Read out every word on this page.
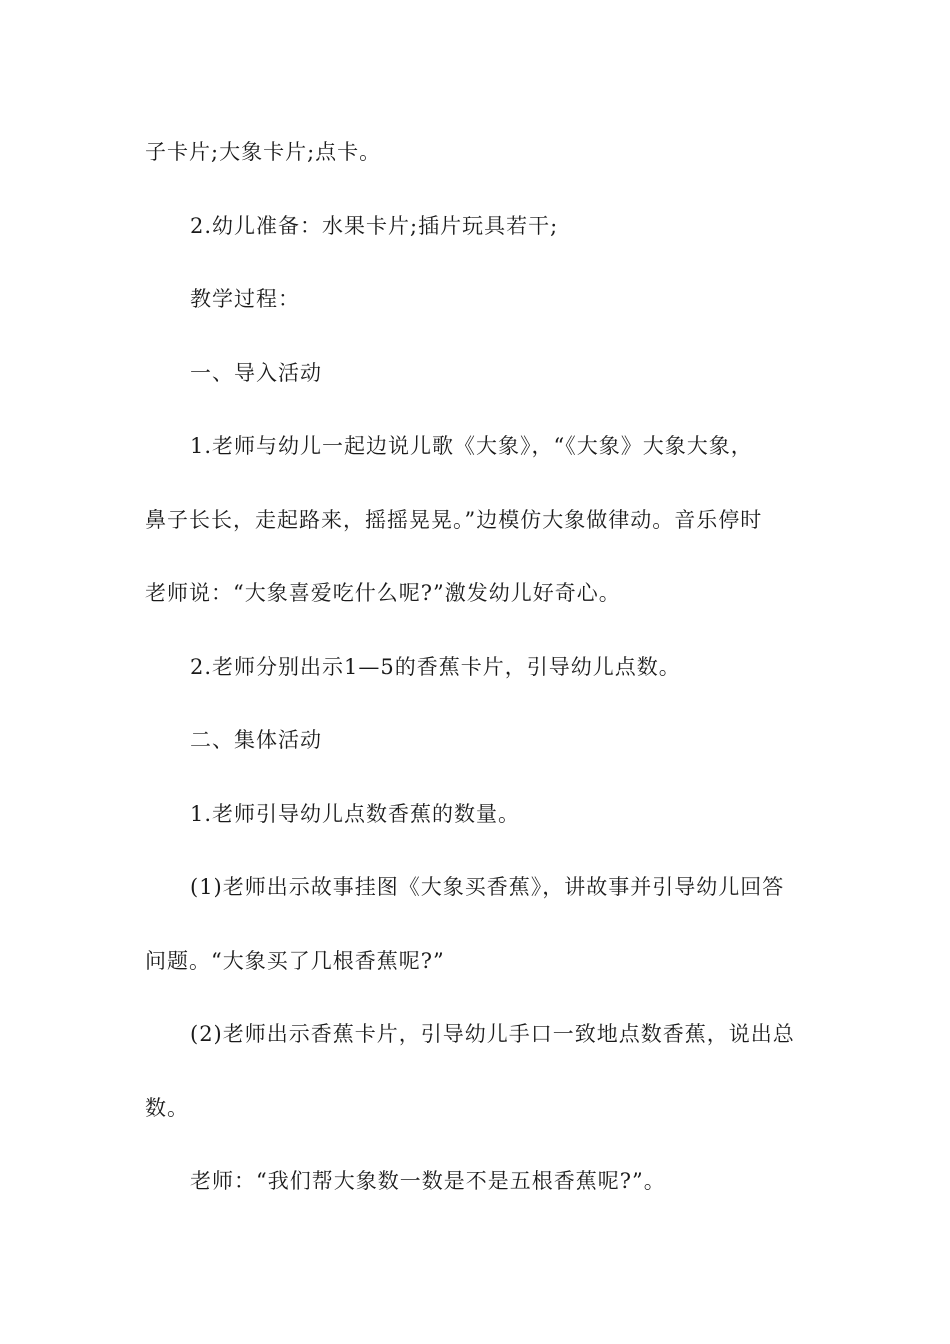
子卡片;大象卡片;点卡。
2.幼儿准备：水果卡片;插片玩具若干;
教学过程：
一、导入活动
1.老师与幼儿一起边说儿歌《大象》，“《大象》大象大象，
鼻子长长，走起路来，摇摇晃晃。”边模仿大象做律动。音乐停时
老师说：“大象喜爱吃什么呢?”激发幼儿好奇心。
2.老师分别出示1—5的香蕉卡片，引导幼儿点数。
二、集体活动
1.老师引导幼儿点数香蕉的数量。
(1)老师出示故事挂图《大象买香蕉》，讲故事并引导幼儿回答
问题。“大象买了几根香蕉呢?”
(2)老师出示香蕉卡片，引导幼儿手口一致地点数香蕉，说出总
数。
老师：“我们帮大象数一数是不是五根香蕉呢?”。
